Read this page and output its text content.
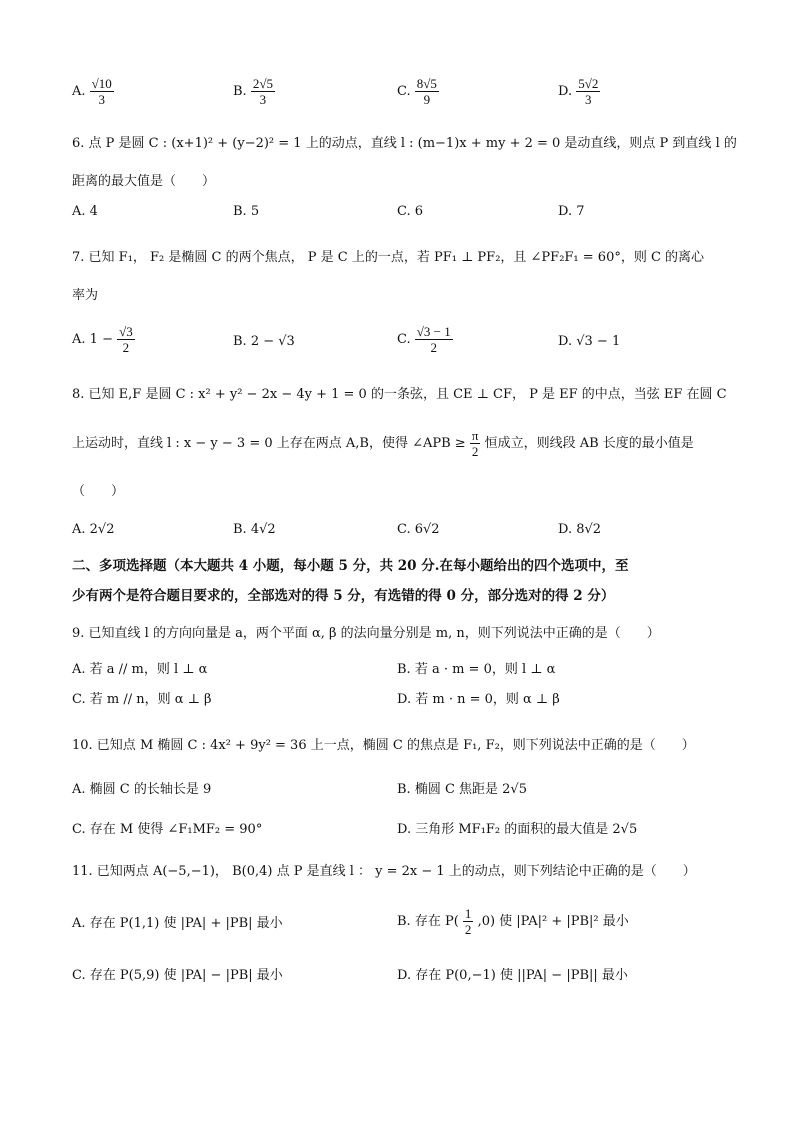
A. $\frac{√10}{3}$	B. $\frac{2√5}{3}$	C. $\frac{8√5}{9}$	D. $\frac{5√2}{3}$
6. 点 P 是圆 C : (x+1)² + (y−2)² = 1 上的动点，直线 l : (m−1)x + my + 2 = 0 是动直线，则点 P 到直线 l 的
距离的最大值是（　　）
A. 4	B. 5	C. 6	D. 7
7. 已知 F₁， F₂ 是椭圆 C 的两个焦点， P 是 C 上的一点，若 PF₁ ⊥ PF₂，且 ∠PF₂F₁ = 60°，则 C 的离心
率为
A. $1 - \frac{√3}{2}$	B. 2 − √3	C. $\frac{√3 - 1}{2}$	D. √3 − 1
8. 已知 E,F 是圆 C : x² + y² − 2x − 4y + 1 = 0 的一条弦，且 CE ⊥ CF， P 是 EF 的中点，当弦 EF 在圆 C
上运动时，直线 l : x − y − 3 = 0 上存在两点 A,B，使得 ∠APB ≥ $\frac{\pi}{2}$ 恒成立，则线段 AB 长度的最小值是
（　　）
A. 2√2	B. 4√2	C. 6√2	D. 8√2
二、多项选择题（本大题共 4 小题，每小题 5 分，共 20 分.在每小题给出的四个选项中，至
少有两个是符合题目要求的，全部选对的得 5 分，有选错的得 0 分，部分选对的得 2 分）
9. 已知直线 l 的方向向量是 a，两个平面 α, β 的法向量分别是 m, n，则下列说法中正确的是（　　）
A. 若 a // m，则 l ⊥ α	B. 若 a · m = 0，则 l ⊥ α
C. 若 m // n，则 α ⊥ β	D. 若 m · n = 0，则 α ⊥ β
10. 已知点 M 椭圆 C : 4x² + 9y² = 36 上一点，椭圆 C 的焦点是 F₁, F₂，则下列说法中正确的是（　　）
A. 椭圆 C 的长轴长是 9	B. 椭圆 C 焦距是 2√5
C. 存在 M 使得 ∠F₁MF₂ = 90°	D. 三角形 MF₁F₂ 的面积的最大值是 2√5
11. 已知两点 A(−5,−1)， B(0,4) 点 P 是直线 l ： y = 2x − 1 上的动点，则下列结论中正确的是（　　）
A. 存在 P(1,1) 使 |PA| + |PB| 最小	B. 存在 $P( \frac{1}{2} ,0)$ 使 |PA|² + |PB|² 最小
C. 存在 P(5,9) 使 |PA| − |PB| 最小	D. 存在 P(0,−1) 使 ||PA| − |PB|| 最小
